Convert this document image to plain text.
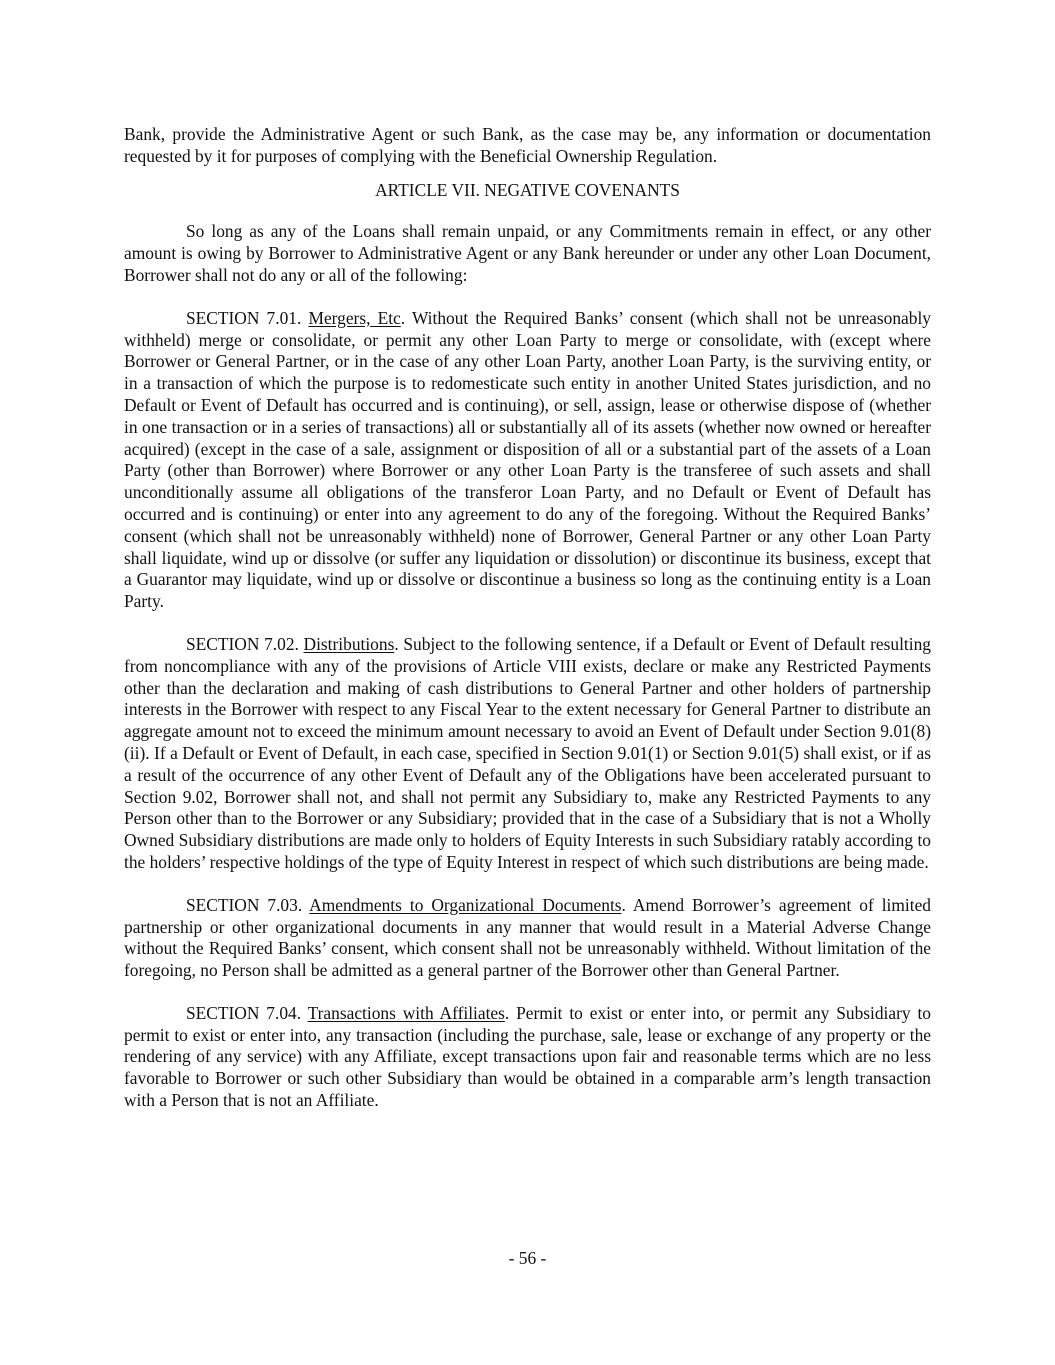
Bank, provide the Administrative Agent or such Bank, as the case may be, any information or documentation requested by it for purposes of complying with the Beneficial Ownership Regulation.

ARTICLE VII. NEGATIVE COVENANTS

So long as any of the Loans shall remain unpaid, or any Commitments remain in effect, or any other amount is owing by Borrower to Administrative Agent or any Bank hereunder or under any other Loan Document, Borrower shall not do any or all of the following:

SECTION 7.01. Mergers, Etc. Without the Required Banks’ consent (which shall not be unreasonably withheld) merge or consolidate, or permit any other Loan Party to merge or consolidate, with (except where Borrower or General Partner, or in the case of any other Loan Party, another Loan Party, is the surviving entity, or in a transaction of which the purpose is to redomesticate such entity in another United States jurisdiction, and no Default or Event of Default has occurred and is continuing), or sell, assign, lease or otherwise dispose of (whether in one transaction or in a series of transactions) all or substantially all of its assets (whether now owned or hereafter acquired) (except in the case of a sale, assignment or disposition of all or a substantial part of the assets of a Loan Party (other than Borrower) where Borrower or any other Loan Party is the transferee of such assets and shall unconditionally assume all obligations of the transferor Loan Party, and no Default or Event of Default has occurred and is continuing) or enter into any agreement to do any of the foregoing. Without the Required Banks’ consent (which shall not be unreasonably withheld) none of Borrower, General Partner or any other Loan Party shall liquidate, wind up or dissolve (or suffer any liquidation or dissolution) or discontinue its business, except that a Guarantor may liquidate, wind up or dissolve or discontinue a business so long as the continuing entity is a Loan Party.

SECTION 7.02. Distributions. Subject to the following sentence, if a Default or Event of Default resulting from noncompliance with any of the provisions of Article VIII exists, declare or make any Restricted Payments other than the declaration and making of cash distributions to General Partner and other holders of partnership interests in the Borrower with respect to any Fiscal Year to the extent necessary for General Partner to distribute an aggregate amount not to exceed the minimum amount necessary to avoid an Event of Default under Section 9.01(8)(ii). If a Default or Event of Default, in each case, specified in Section 9.01(1) or Section 9.01(5) shall exist, or if as a result of the occurrence of any other Event of Default any of the Obligations have been accelerated pursuant to Section 9.02, Borrower shall not, and shall not permit any Subsidiary to, make any Restricted Payments to any Person other than to the Borrower or any Subsidiary; provided that in the case of a Subsidiary that is not a Wholly Owned Subsidiary distributions are made only to holders of Equity Interests in such Subsidiary ratably according to the holders’ respective holdings of the type of Equity Interest in respect of which such distributions are being made.

SECTION 7.03. Amendments to Organizational Documents. Amend Borrower’s agreement of limited partnership or other organizational documents in any manner that would result in a Material Adverse Change without the Required Banks’ consent, which consent shall not be unreasonably withheld. Without limitation of the foregoing, no Person shall be admitted as a general partner of the Borrower other than General Partner.

SECTION 7.04. Transactions with Affiliates. Permit to exist or enter into, or permit any Subsidiary to permit to exist or enter into, any transaction (including the purchase, sale, lease or exchange of any property or the rendering of any service) with any Affiliate, except transactions upon fair and reasonable terms which are no less favorable to Borrower or such other Subsidiary than would be obtained in a comparable arm’s length transaction with a Person that is not an Affiliate.

- 56 -
